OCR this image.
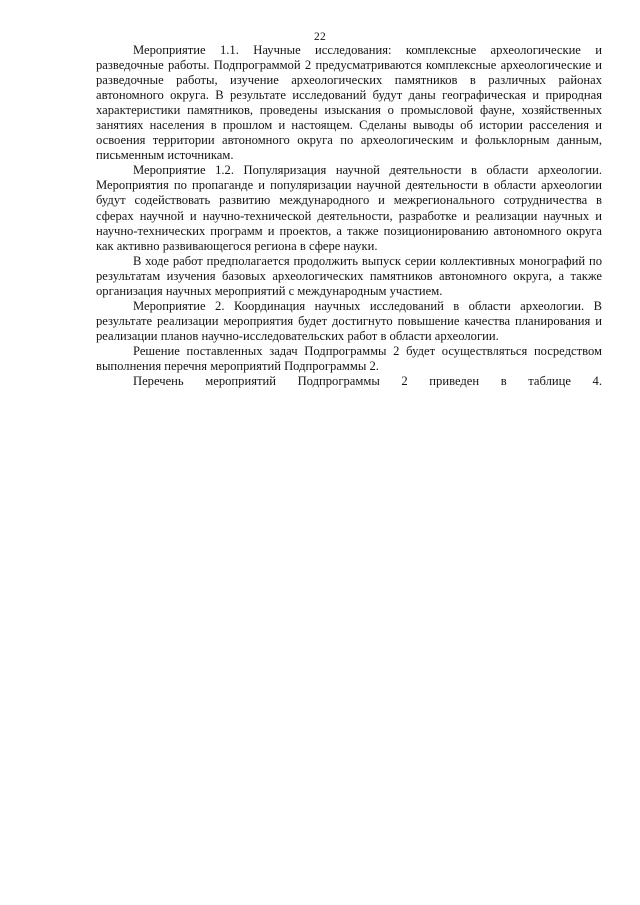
22

Мероприятие 1.1. Научные исследования: комплексные археологические и разведочные работы. Подпрограммой 2 предусматриваются комплексные археологические и разведочные работы, изучение археологических памятников в различных районах автономного округа. В результате исследований будут даны географическая и природная характеристики памятников, проведены изыскания о промысловой фауне, хозяйственных занятиях населения в прошлом и настоящем. Сделаны выводы об истории расселения и освоения территории автономного округа по археологическим и фольклорным данным, письменным источникам.

Мероприятие 1.2. Популяризация научной деятельности в области археологии. Мероприятия по пропаганде и популяризации научной деятельности в области археологии будут содействовать развитию международного и межрегионального сотрудничества в сферах научной и научно-технической деятельности, разработке и реализации научных и научно-технических программ и проектов, а также позиционированию автономного округа как активно развивающегося региона в сфере науки.

В ходе работ предполагается продолжить выпуск серии коллективных монографий по результатам изучения базовых археологических памятников автономного округа, а также организация научных мероприятий с международным участием.

Мероприятие 2. Координация научных исследований в области археологии. В результате реализации мероприятия будет достигнуто повышение качества планирования и реализации планов научно-исследовательских работ в области археологии.

Решение поставленных задач Подпрограммы 2 будет осуществляться посредством выполнения перечня мероприятий Подпрограммы 2.

Перечень мероприятий Подпрограммы 2 приведен в таблице 4.
